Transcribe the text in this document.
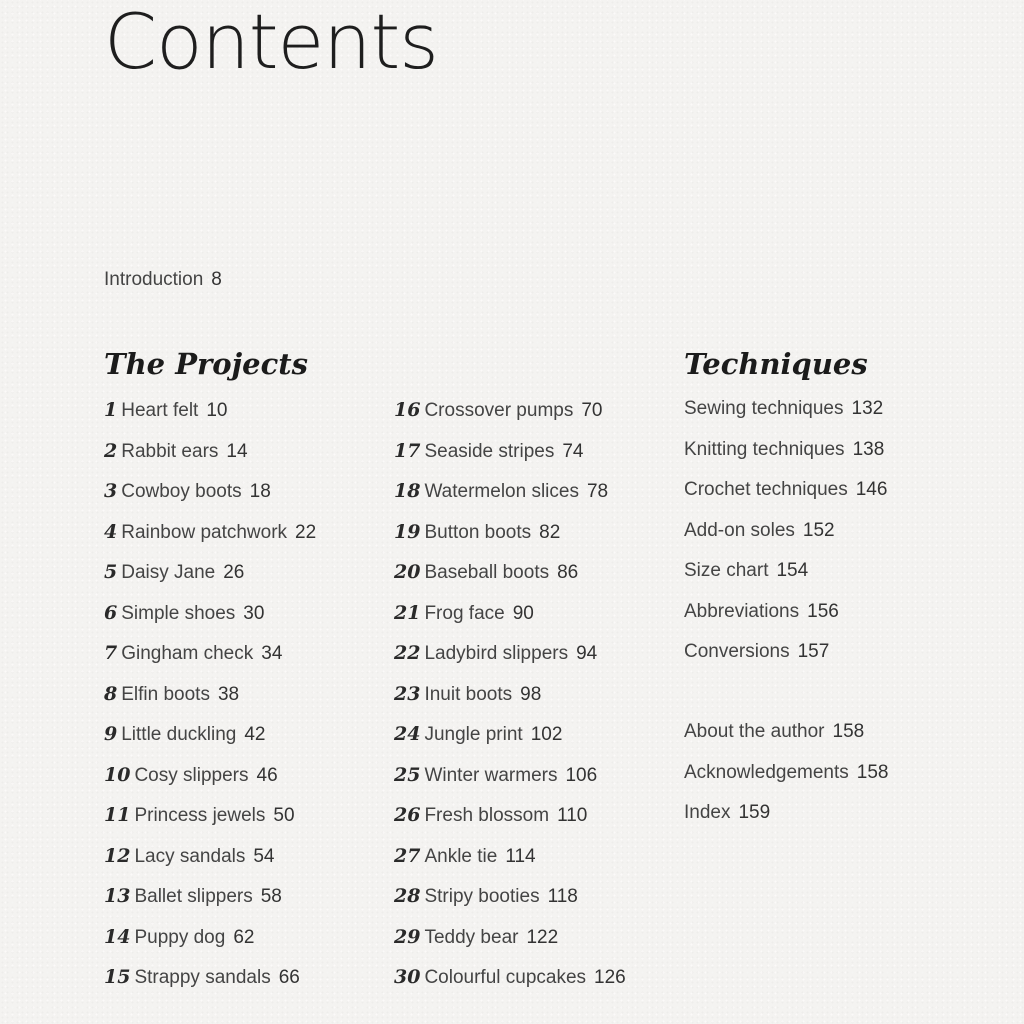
Contents
Introduction 8
The Projects	Techniques
1 Heart felt 10
2 Rabbit ears 14
3 Cowboy boots 18
4 Rainbow patchwork 22
5 Daisy Jane 26
6 Simple shoes 30
7 Gingham check 34
8 Elfin boots 38
9 Little duckling 42
10 Cosy slippers 46
11 Princess jewels 50
12 Lacy sandals 54
13 Ballet slippers 58
14 Puppy dog 62
15 Strappy sandals 66
16 Crossover pumps 70
17 Seaside stripes 74
18 Watermelon slices 78
19 Button boots 82
20 Baseball boots 86
21 Frog face 90
22 Ladybird slippers 94
23 Inuit boots 98
24 Jungle print 102
25 Winter warmers 106
26 Fresh blossom 110
27 Ankle tie 114
28 Stripy booties 118
29 Teddy bear 122
30 Colourful cupcakes 126
Sewing techniques 132
Knitting techniques 138
Crochet techniques 146
Add-on soles 152
Size chart 154
Abbreviations 156
Conversions 157
About the author 158
Acknowledgements 158
Index 159
